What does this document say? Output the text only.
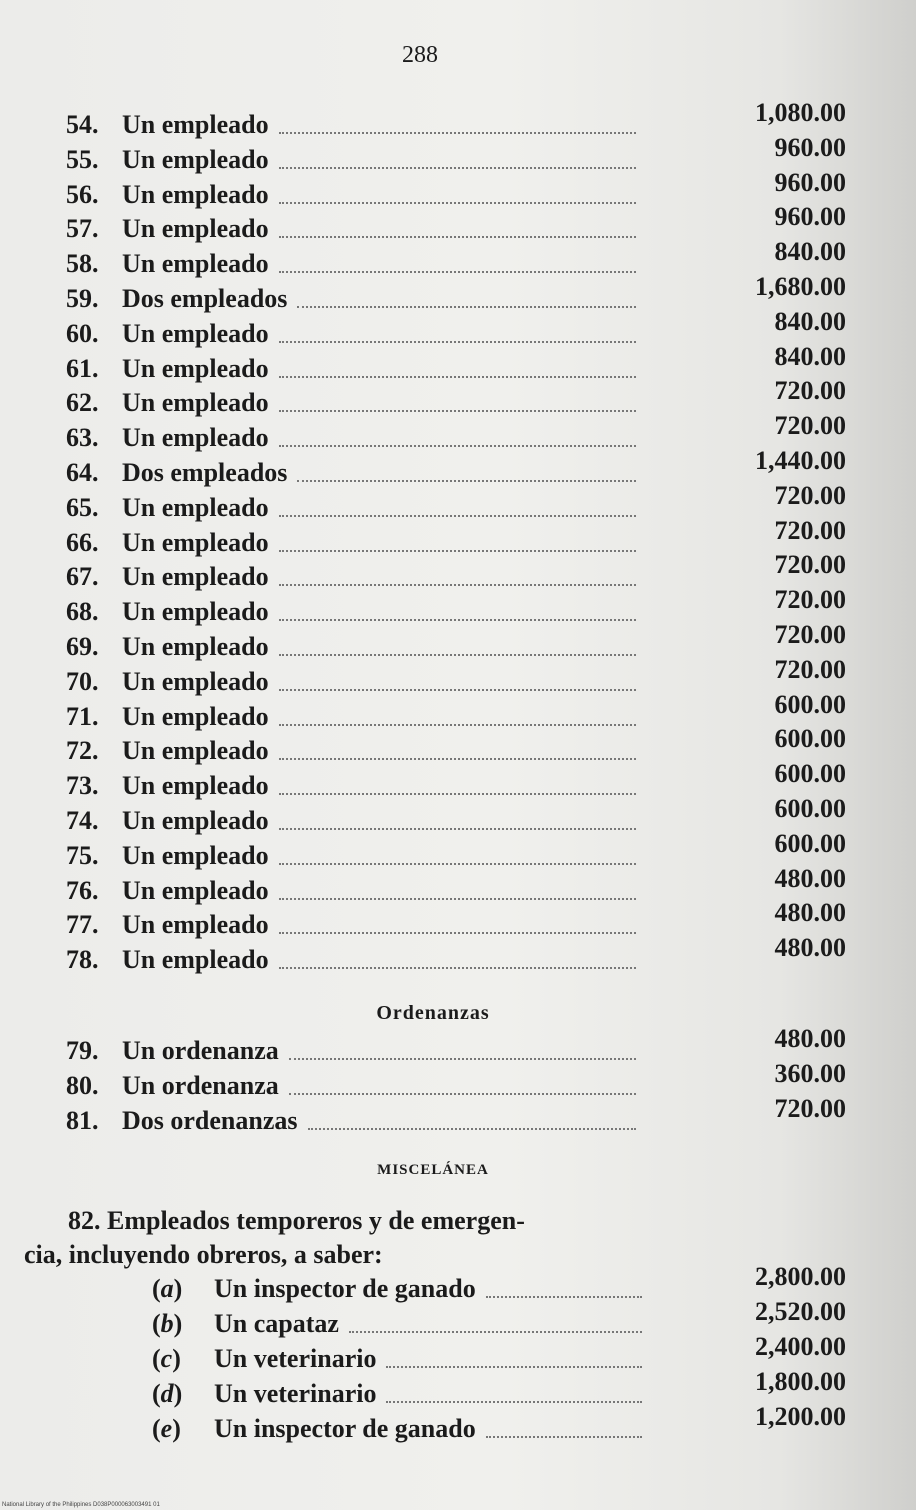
288
54. Un empleado	1,080.00
55. Un empleado	960.00
56. Un empleado	960.00
57. Un empleado	960.00
58. Un empleado	840.00
59. Dos empleados	1,680.00
60. Un empleado	840.00
61. Un empleado	840.00
62. Un empleado	720.00
63. Un empleado	720.00
64. Dos empleados	1,440.00
65. Un empleado	720.00
66. Un empleado	720.00
67. Un empleado	720.00
68. Un empleado	720.00
69. Un empleado	720.00
70. Un empleado	720.00
71. Un empleado	600.00
72. Un empleado	600.00
73. Un empleado	600.00
74. Un empleado	600.00
75. Un empleado	600.00
76. Un empleado	480.00
77. Un empleado	480.00
78. Un empleado	480.00
Ordenanzas
79. Un ordenanza	480.00
80. Un ordenanza	360.00
81. Dos ordenanzas	720.00
MISCELÁNEA
82. Empleados temporeros y de emergen-
cia, incluyendo obreros, a saber:
(a) Un inspector de ganado	2,800.00
(b) Un capataz	2,520.00
(c) Un veterinario	2,400.00
(d) Un veterinario	1,800.00
(e) Un inspector de ganado	1,200.00
National Library of the Philippines D038P000063003491 01
